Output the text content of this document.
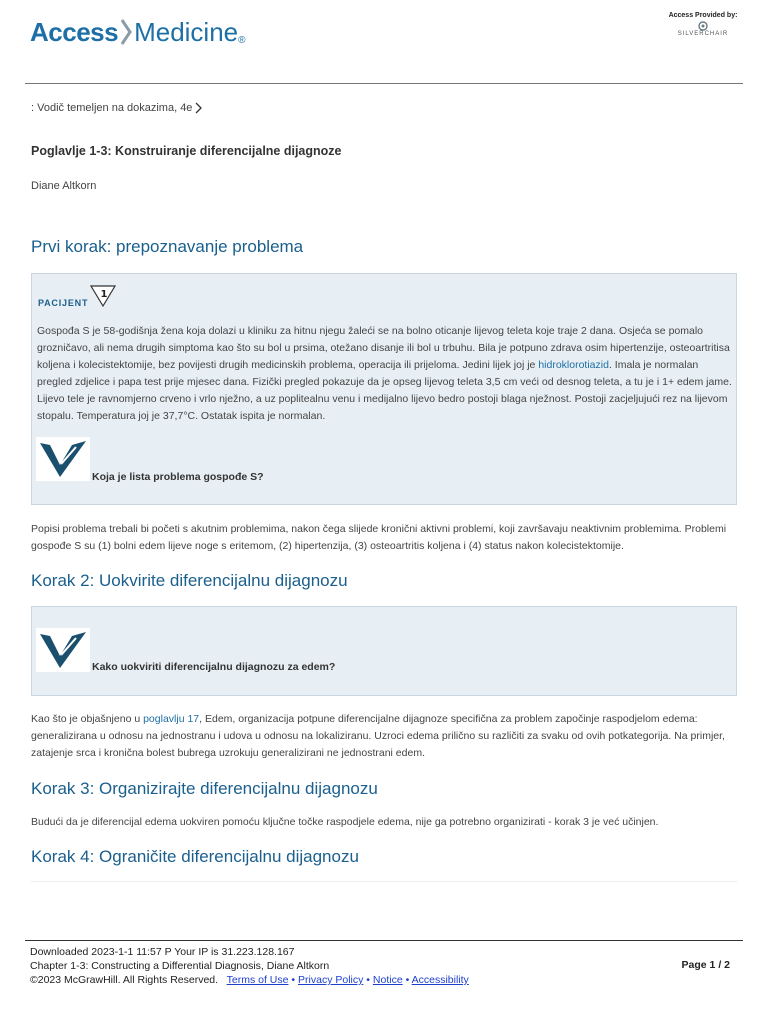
Access Medicine ®
Access Provided by:
SILVERCHAIR
: Vodič temeljen na dokazima, 4e
Poglavlje 1-3: Konstruiranje diferencijalne dijagnoze
Diane Altkorn
Prvi korak: prepoznavanje problema
PACIJENT
1
Gospođa S je 58-godišnja žena koja dolazi u kliniku za hitnu njegu žaleći se na bolno oticanje lijevog teleta koje traje 2 dana. Osjeća se pomalo grozničavo, ali nema drugih simptoma kao što su bol u prsima, otežano disanje ili bol u trbuhu. Bila je potpuno zdrava osim hipertenzije, osteoartritisa koljena i kolecistektomije, bez povijesti drugih medicinskih problema, operacija ili prijeloma. Jedini lijek joj je hidroklorotiazid. Imala je normalan pregled zdjelice i papa test prije mjesec dana. Fizički pregled pokazuje da je opseg lijevog teleta 3,5 cm veći od desnog teleta, a tu je i 1+ edem jame. Lijevo tele je ravnomjerno crveno i vrlo nježno, a uz poplitealnu venu i medijalno lijevo bedro postoji blaga nježnost. Postoji zacjeljujući rez na lijevom stopalu. Temperatura joj je 37,7°C. Ostatak ispita je normalan.
Koja je lista problema gospođe S?
Popisi problema trebali bi početi s akutnim problemima, nakon čega slijede kronični aktivni problemi, koji završavaju neaktivnim problemima. Problemi gospođe S su (1) bolni edem lijeve noge s eritemom, (2) hipertenzija, (3) osteoartritis koljena i (4) status nakon kolecistektomije.
Korak 2: Uokvirite diferencijalnu dijagnozu
Kako uokviriti diferencijalnu dijagnozu za edem?
Kao što je objašnjeno u poglavlju 17, Edem, organizacija potpune diferencijalne dijagnoze specifična za problem započinje raspodjelom edema: generalizirana u odnosu na jednostranu i udova u odnosu na lokaliziranu. Uzroci edema prilično su različiti za svaku od ovih potkategorija. Na primjer, zatajenje srca i kronična bolest bubrega uzrokuju generalizirani ne jednostrani edem.
Korak 3: Organizirajte diferencijalnu dijagnozu
Budući da je diferencijal edema uokviren pomoću ključne točke raspodjele edema, nije ga potrebno organizirati - korak 3 je već učinjen.
Korak 4: Ograničite diferencijalnu dijagnozu
Downloaded 2023-1-1 11:57 P Your IP is 31.223.128.167
Chapter 1-3: Constructing a Differential Diagnosis, Diane Altkorn
©2023 McGrawHill. All Rights Reserved. Terms of Use • Privacy Policy • Notice • Accessibility
Page 1 / 2
